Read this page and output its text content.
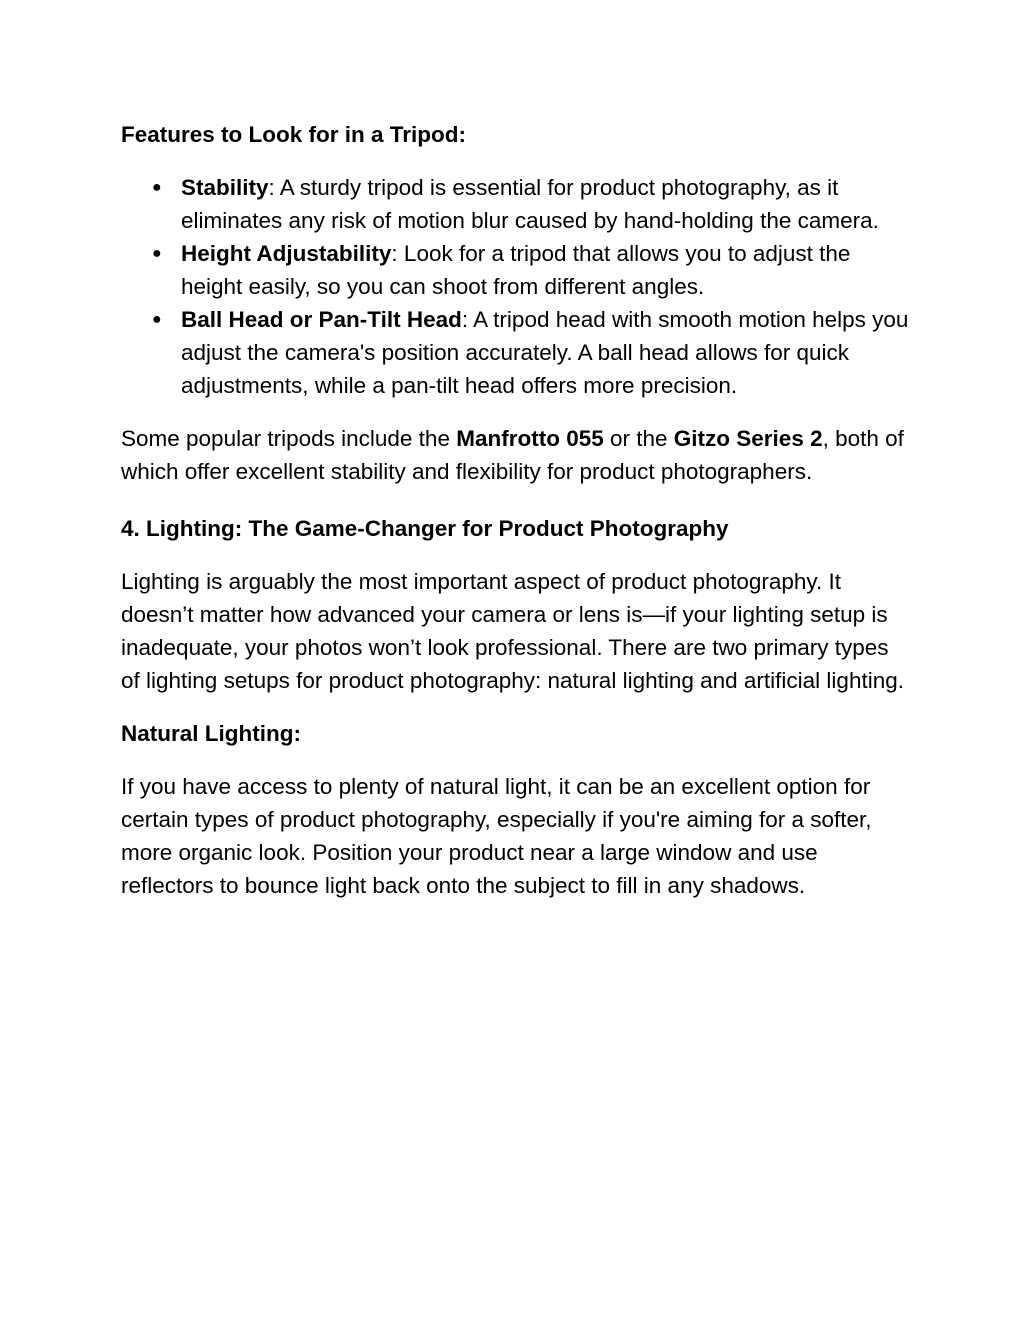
Features to Look for in a Tripod:

● Stability: A sturdy tripod is essential for product photography, as it eliminates any risk of motion blur caused by hand-holding the camera.
● Height Adjustability: Look for a tripod that allows you to adjust the height easily, so you can shoot from different angles.
● Ball Head or Pan-Tilt Head: A tripod head with smooth motion helps you adjust the camera's position accurately. A ball head allows for quick adjustments, while a pan-tilt head offers more precision.

Some popular tripods include the Manfrotto 055 or the Gitzo Series 2, both of which offer excellent stability and flexibility for product photographers.

4. Lighting: The Game-Changer for Product Photography

Lighting is arguably the most important aspect of product photography. It doesn’t matter how advanced your camera or lens is—if your lighting setup is inadequate, your photos won’t look professional. There are two primary types of lighting setups for product photography: natural lighting and artificial lighting.

Natural Lighting:

If you have access to plenty of natural light, it can be an excellent option for certain types of product photography, especially if you're aiming for a softer, more organic look. Position your product near a large window and use reflectors to bounce light back onto the subject to fill in any shadows.
